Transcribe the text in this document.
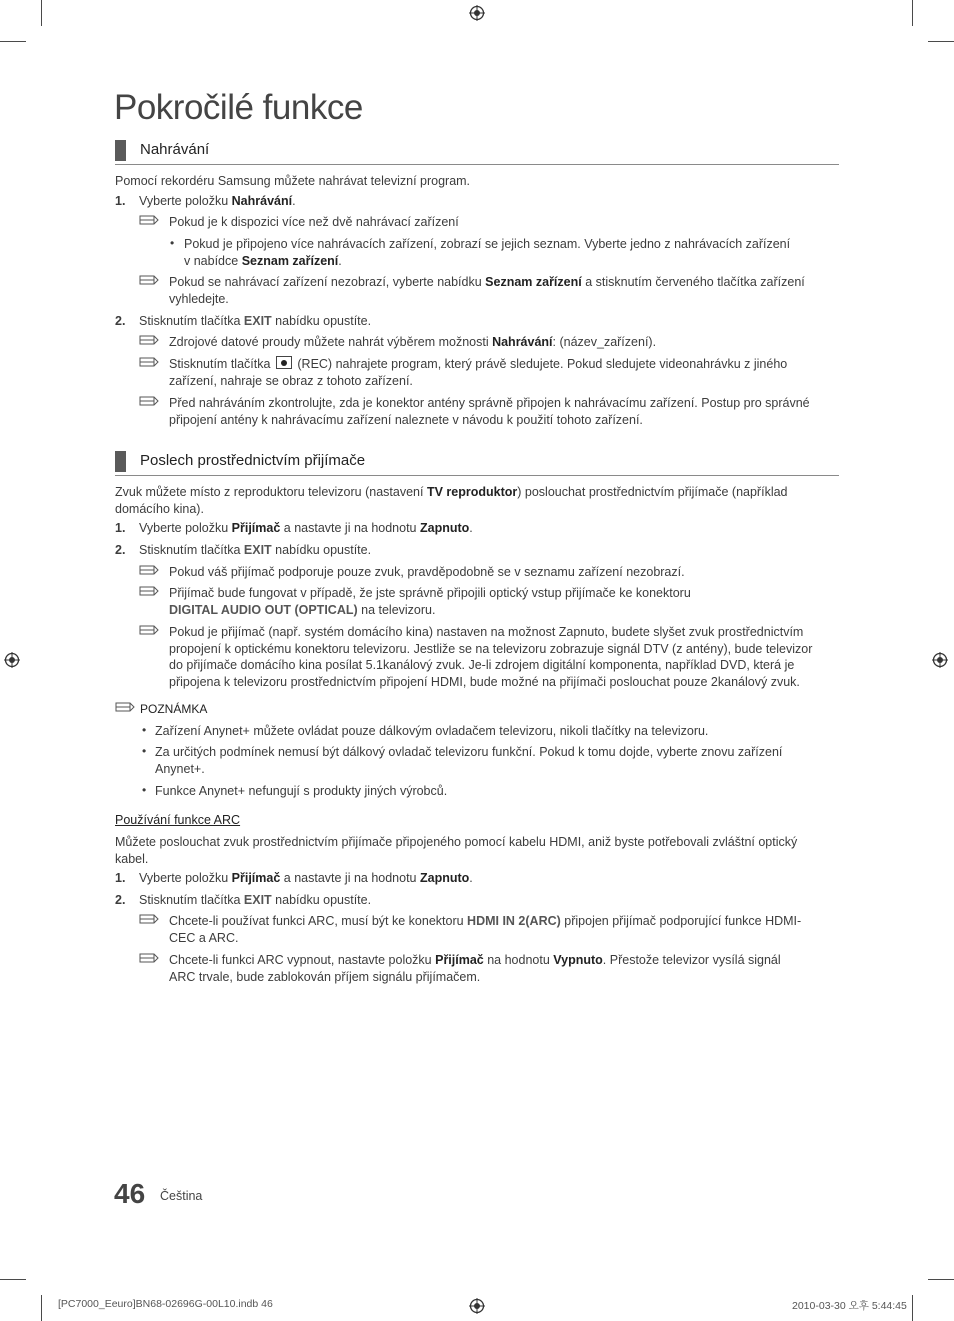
Pokročilé funkce
Nahrávání
Pomocí rekordéru Samsung můžete nahrávat televizní program.
1. Vyberte položku Nahrávání.
Pokud je k dispozici více než dvě nahrávací zařízení
• Pokud je připojeno více nahrávacích zařízení, zobrazí se jejich seznam. Vyberte jedno z nahrávacích zařízení
v nabídce Seznam zařízení.
Pokud se nahrávací zařízení nezobrazí, vyberte nabídku Seznam zařízení a stisknutím červeného tlačítka zařízení
vyhledejte.
2. Stisknutím tlačítka EXIT nabídku opustíte.
Zdrojové datové proudy můžete nahrát výběrem možnosti Nahrávání: (název_zařízení).
Stisknutím tlačítka  (REC) nahrajete program, který právě sledujete. Pokud sledujete videonahrávku z jiného
zařízení, nahraje se obraz z tohoto zařízení.
Před nahráváním zkontrolujte, zda je konektor antény správně připojen k nahrávacímu zařízení. Postup pro správné
připojení antény k nahrávacímu zařízení naleznete v návodu k použití tohoto zařízení.
Poslech prostřednictvím přijímače
Zvuk můžete místo z reproduktoru televizoru (nastavení TV reproduktor) poslouchat prostřednictvím přijímače (například
domácího kina).
1. Vyberte položku Přijímač a nastavte ji na hodnotu Zapnuto.
2. Stisknutím tlačítka EXIT nabídku opustíte.
Pokud váš přijímač podporuje pouze zvuk, pravděpodobně se v seznamu zařízení nezobrazí.
Přijímač bude fungovat v případě, že jste správně připojili optický vstup přijímače ke konektoru
DIGITAL AUDIO OUT (OPTICAL) na televizoru.
Pokud je přijímač (např. systém domácího kina) nastaven na možnost Zapnuto, budete slyšet zvuk prostřednictvím
propojení k optickému konektoru televizoru. Jestliže se na televizoru zobrazuje signál DTV (z antény), bude televizor
do přijímače domácího kina posílat 5.1kanálový zvuk. Je-li zdrojem digitální komponenta, například DVD, která je
připojena k televizoru prostřednictvím připojení HDMI, bude možné na přijímači poslouchat pouze 2kanálový zvuk.
POZNÁMKA
• Zařízení Anynet+ můžete ovládat pouze dálkovým ovladačem televizoru, nikoli tlačítky na televizoru.
• Za určitých podmínek nemusí být dálkový ovladač televizoru funkční. Pokud k tomu dojde, vyberte znovu zařízení
Anynet+.
• Funkce Anynet+ nefungují s produkty jiných výrobců.
Používání funkce ARC
Můžete poslouchat zvuk prostřednictvím přijímače připojeného pomocí kabelu HDMI, aniž byste potřebovali zvláštní optický
kabel.
1. Vyberte položku Přijímač a nastavte ji na hodnotu Zapnuto.
2. Stisknutím tlačítka EXIT nabídku opustíte.
Chcete-li používat funkci ARC, musí být ke konektoru HDMI IN 2(ARC) připojen přijímač podporující funkce HDMI-
CEC a ARC.
Chcete-li funkci ARC vypnout, nastavte položku Přijímač na hodnotu Vypnuto. Přestože televizor vysílá signál
ARC trvale, bude zablokován příjem signálu přijímačem.
46 Čeština
[PC7000_Eeuro]BN68-02696G-00L10.indb 46	2010-03-30 오후 5:44:45
